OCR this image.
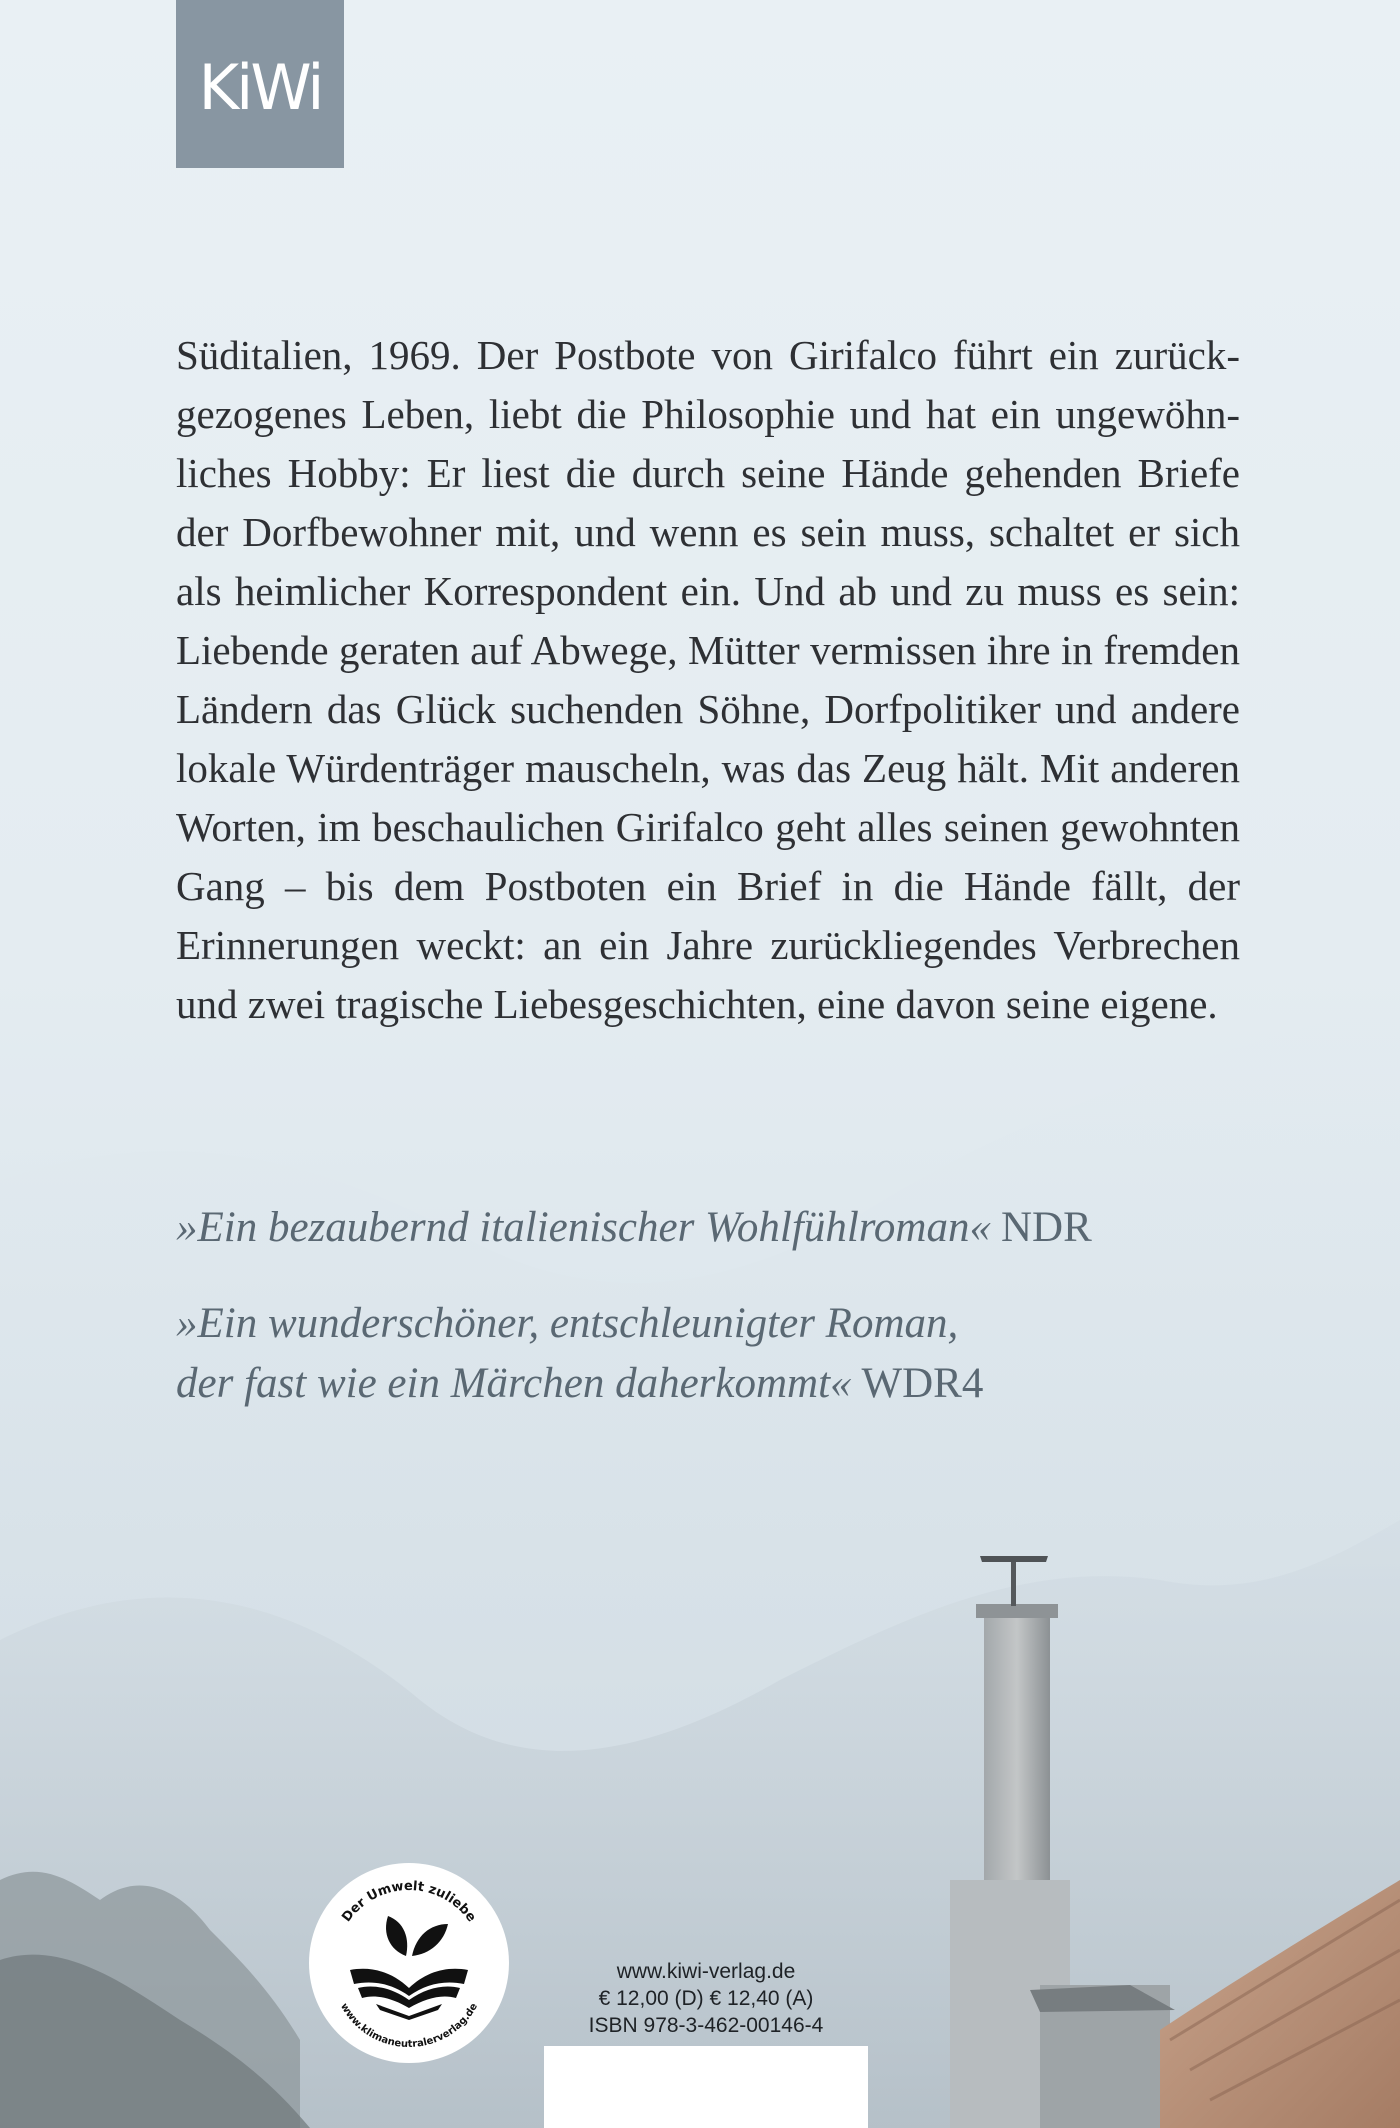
KiWi

Süditalien, 1969. Der Postbote von Girifalco führt ein zurückgezogenes Leben, liebt die Philosophie und hat ein ungewöhnliches Hobby: Er liest die durch seine Hände gehenden Briefe der Dorfbewohner mit, und wenn es sein muss, schaltet er sich als heimlicher Korrespondent ein. Und ab und zu muss es sein: Liebende geraten auf Abwege, Mütter vermissen ihre in fremden Ländern das Glück suchenden Söhne, Dorfpolitiker und andere lokale Würdenträger mauscheln, was das Zeug hält. Mit anderen Worten, im beschaulichen Girifalco geht alles seinen gewohnten Gang – bis dem Postboten ein Brief in die Hände fällt, der Erinnerungen weckt: an ein Jahre zurückliegendes Verbrechen und zwei tragische Liebesgeschichten, eine davon seine eigene.

»Ein bezaubernd italienischer Wohlfühlroman« NDR
»Ein wunderschöner, entschleunigter Roman,
der fast wie ein Märchen daherkommt« WDR4
Der Umwelt zuliebe
www.klimaneutralerverlag.de
www.kiwi-verlag.de
€ 12,00 (D) € 12,40 (A)
ISBN 978-3-462-00146-4
